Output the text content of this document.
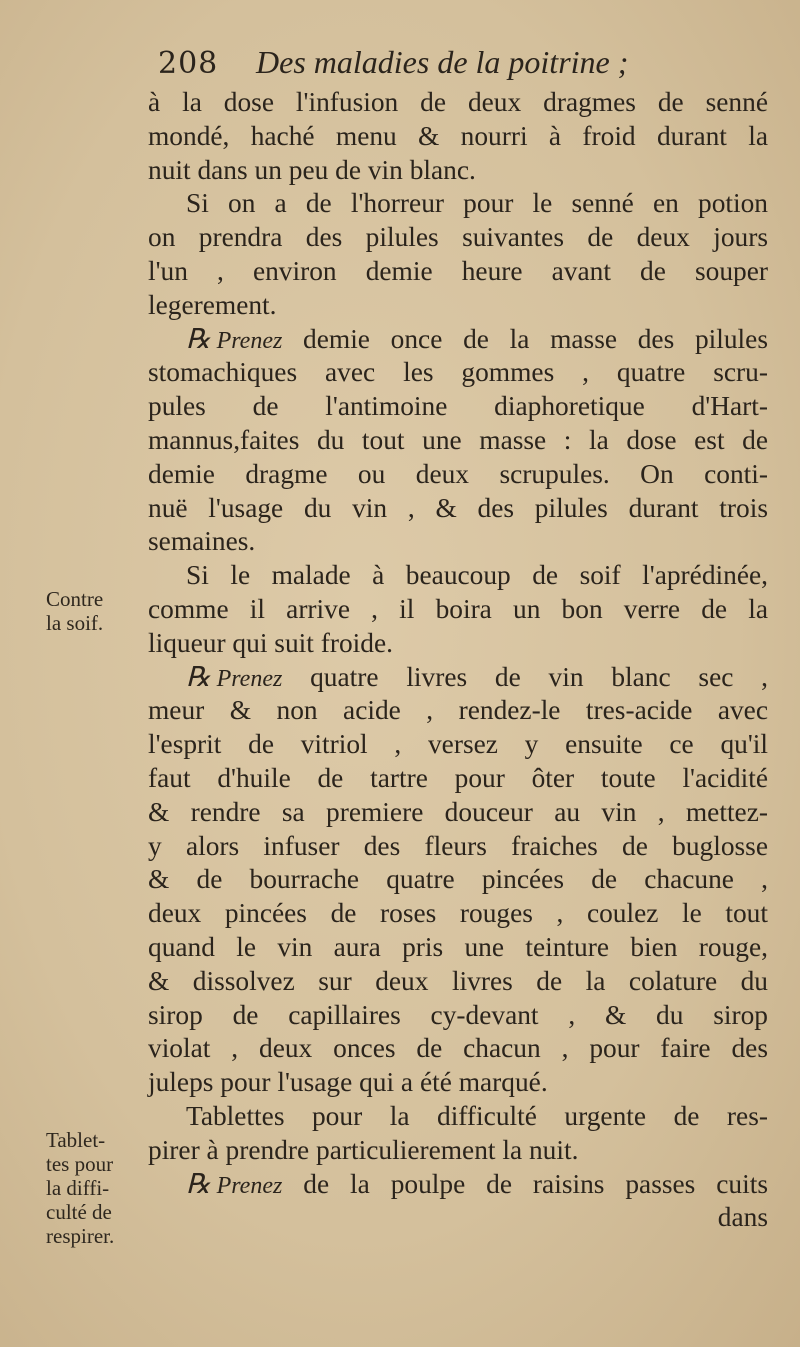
208 Des maladies de la poitrine ;
Contre
la soif.
Tablet-
tes pour
la diffi-
culté de
respirer.
à la dose l'infusion de deux dragmes de senné
mondé, haché menu & nourri à froid durant la
nuit dans un peu de vin blanc.
Si on a de l'horreur pour le senné en potion
on prendra des pilules suivantes de deux jours
l'un , environ demie heure avant de souper
legerement.
℞ Prenez demie once de la masse des pilules
stomachiques avec les gommes , quatre scru-
pules de l'antimoine diaphoretique d'Hart-
mannus,faites du tout une masse : la dose est de
demie dragme ou deux scrupules. On conti-
nuë l'usage du vin , & des pilules durant trois
semaines.
Si le malade à beaucoup de soif l'aprédinée,
comme il arrive , il boira un bon verre de la
liqueur qui suit froide.
℞ Prenez quatre livres de vin blanc sec ,
meur & non acide , rendez-le tres-acide avec
l'esprit de vitriol , versez y ensuite ce qu'il
faut d'huile de tartre pour ôter toute l'acidité
& rendre sa premiere douceur au vin , mettez-
y alors infuser des fleurs fraiches de buglosse
& de bourrache quatre pincées de chacune ,
deux pincées de roses rouges , coulez le tout
quand le vin aura pris une teinture bien rouge,
& dissolvez sur deux livres de la colature du
sirop de capillaires cy-devant , & du sirop
violat , deux onces de chacun , pour faire des
juleps pour l'usage qui a été marqué.
Tablettes pour la difficulté urgente de res-
pirer à prendre particulierement la nuit.
℞ Prenez de la poulpe de raisins passes cuits
dans
